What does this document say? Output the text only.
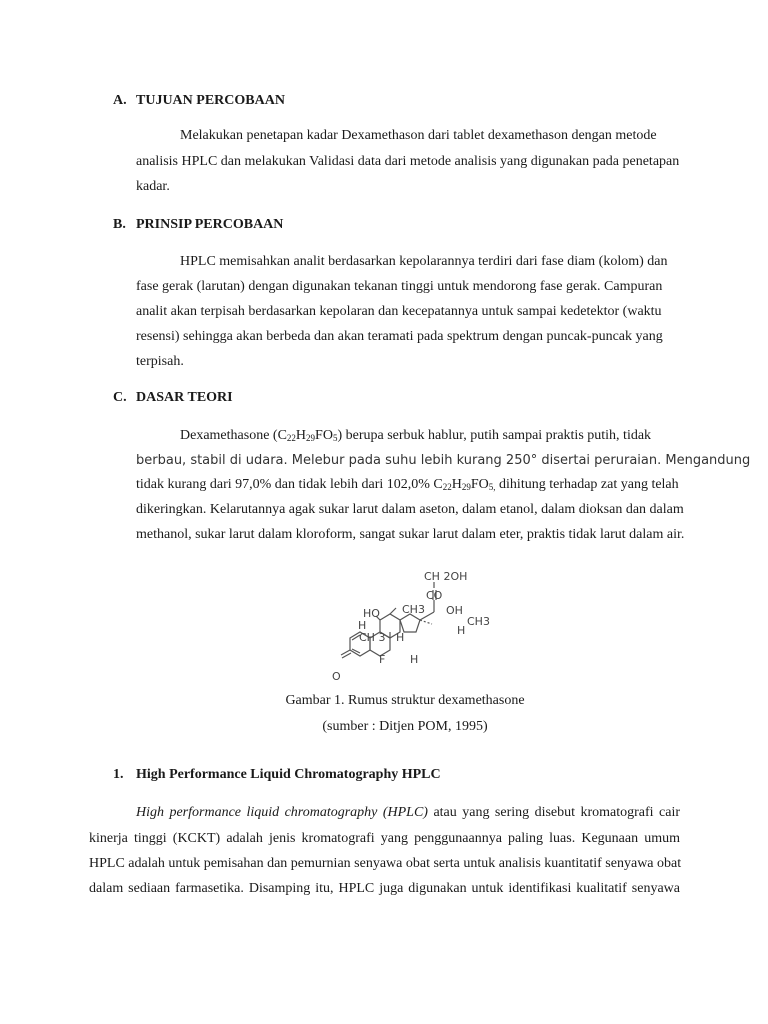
A. TUJUAN PERCOBAAN
Melakukan penetapan kadar Dexamethason dari tablet dexamethason dengan metode
analisis HPLC dan melakukan Validasi data dari metode analisis yang digunakan pada penetapan
kadar.
B. PRINSIP PERCOBAAN
HPLC memisahkan analit berdasarkan kepolarannya terdiri dari fase diam (kolom) dan
fase gerak (larutan) dengan digunakan tekanan tinggi untuk mendorong fase gerak. Campuran
analit akan terpisah berdasarkan kepolaran dan kecepatannya untuk sampai kedetektor (waktu
resensi) sehingga akan berbeda dan akan teramati pada spektrum dengan puncak-puncak yang
terpisah.
C. DASAR TEORI
Dexamethasone $(C_{22}H_{29}FO_5)$ berupa serbuk hablur, putih sampai praktis putih, tidak
berbau, stabil di udara. Melebur pada suhu lebih kurang 250° disertai peruraian. Mengandung
tidak kurang dari 97,0% dan tidak lebih dari 102,0% $C_{22}H_{29}FO_{5,}$ dihitung terhadap zat yang telah
dikeringkan. Kelarutannya agak sukar larut dalam aseton, dalam etanol, dalam dioksan dan dalam
methanol, sukar larut dalam kloroform, sangat sukar larut dalam eter, praktis tidak larut dalam air.
CH 2OH
CO
HO CH3 OH
CH3
H	H
CH 3 H
F H
O
Gambar 1. Rumus struktur dexamethasone
(sumber : Ditjen POM, 1995)
1. High Performance Liquid Chromatography HPLC
High performance liquid chromatography (HPLC) atau yang sering disebut kromatografi cair
kinerja tinggi (KCKT) adalah jenis kromatografi yang penggunaannya paling luas. Kegunaan umum
HPLC adalah untuk pemisahan dan pemurnian senyawa obat serta untuk analisis kuantitatif senyawa obat
dalam sediaan farmasetika. Disamping itu, HPLC juga digunakan untuk identifikasi kualitatif senyawa
